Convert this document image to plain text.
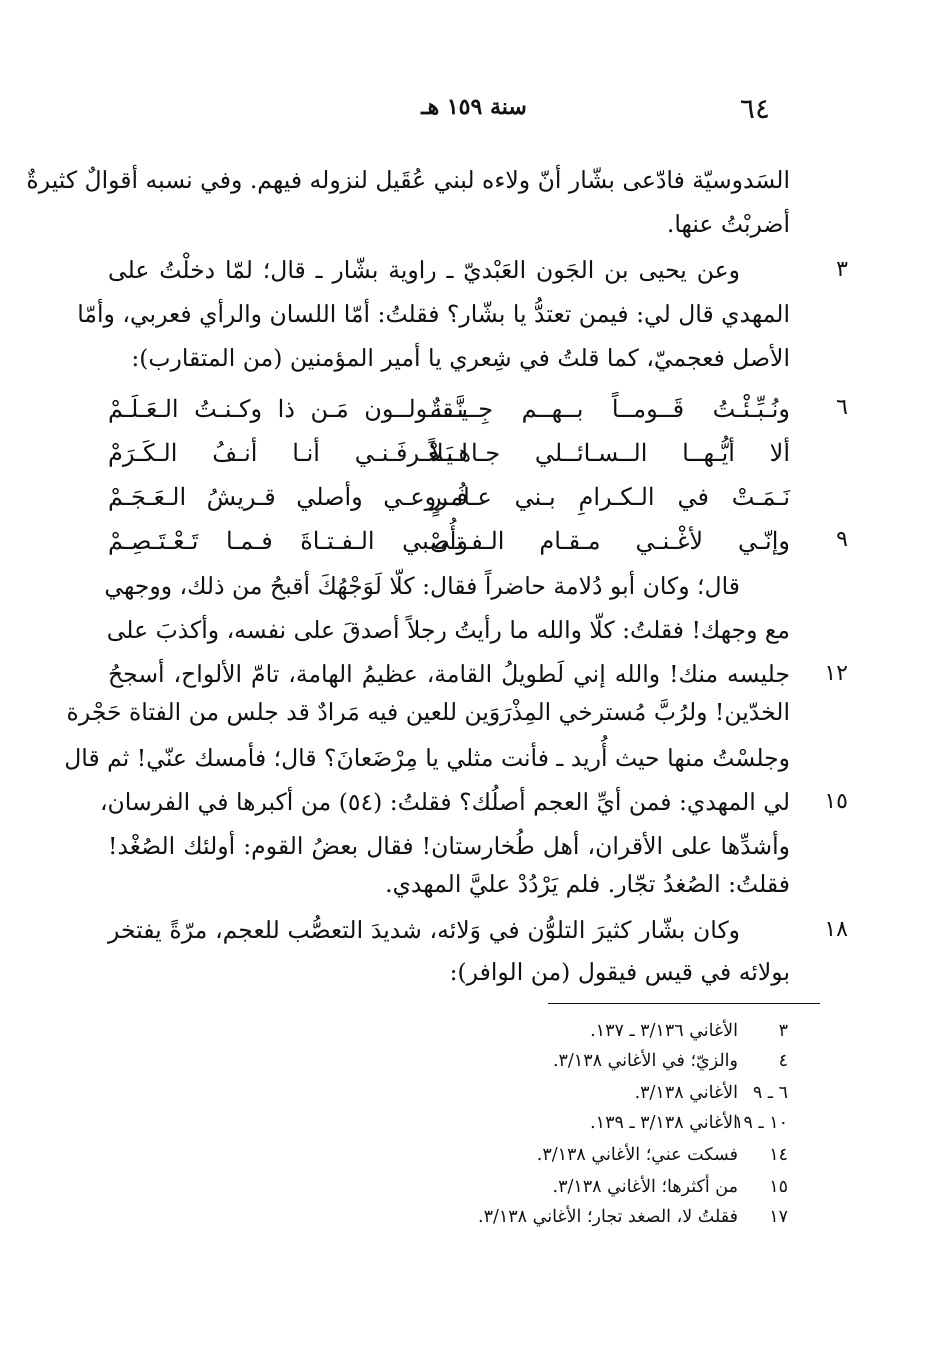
٦٤
سنة ١٥٩ هـ
السَدوسيّة فادّعى بشّار أنّ ولاءه لبني عُقَيل لنزوله فيهم. وفي نسبه أقوالٌ كثيرةٌ
أضربْتُ عنها.
وعن يحيى بن الجَون العَبْديّ ـ راوية بشّار ـ قال؛ لمّا دخلْتُ على	٣
المهدي قال لي: فيمن تعتدُّ يا بشّار؟ فقلتُ: أمّا اللسان والرأي فعربي، وأمّا
الأصل فعجميّ، كما قلتُ في شِعري يا أمير المؤمنين (من المتقارب):
ونُـبِّـئْـتُ قَــومــاً بــهــم جِــنَّــةٌ
يـقــولــون مَـن ذا وكـنـتُ الـعَـلَـمْ	٦
ألا أيُّـهــا الــسـائــلي جـاهــلاً
لـيَـعْـرفَـنـي أنـا أنـفُ الـكَـرَمْ
نَـمَـتْ في الـكـرامِ بـني عـامـرٍ
فُـروعـي وأصلي قـريشُ الـعَـجَـمْ
وإنّـي لأغْـنـي مـقـام الـفـتـى
وأُصْبي الـفـتـاةَ فـمـا تَـعْـتَـصِـمْ	٩
قال؛ وكان أبو دُلامة حاضراً فقال: كلّا لَوَجْهُكَ أقبحُ من ذلك، ووجهي
مع وجهك! فقلتُ: كلّا والله ما رأيتُ رجلاً أصدقَ على نفسه، وأكذبَ على
جليسه منك! والله إني لَطويلُ القامة، عظيمُ الهامة، تامّ الألواح، أسجحُ ١٢
الخدّين! ولرُبَّ مُسترخي المِذْرَوَين للعين فيه مَرادٌ قد جلس من الفتاة حَجْرة
وجلسْتُ منها حيث أُريد ـ فأنت مثلي يا مِرْضَعانَ؟ قال؛ فأمسك عنّي! ثم قال
لي المهدي: فمن أيِّ العجم أصلُك؟ فقلتُ: (٥٤) من أكبرها في الفرسان، ١٥
وأشدِّها على الأقران، أهل طُخارستان! فقال بعضُ القوم: أولئك الصُغْد!
فقلتُ: الصُغدُ تجّار. فلم يَرْدُدْ عليَّ المهدي.
وكان بشّار كثيرَ التلوُّن في وَلائه، شديدَ التعصُّب للعجم، مرّةً يفتخر	١٨
بولائه في قيس فيقول (من الوافر):
٣
الأغاني ٣/١٣٦ ـ ١٣٧.
٤
والزيّ؛ في الأغاني ٣/١٣٨.
٦ ـ ٩
الأغاني ٣/١٣٨.
١٠ ـ ١٩
الأغاني ٣/١٣٨ ـ ١٣٩.
١٤
فسكت عني؛ الأغاني ٣/١٣٨.
١٥
من أكثرها؛ الأغاني ٣/١٣٨.
١٧
فقلتُ لا، الصغد تجار؛ الأغاني ٣/١٣٨.
